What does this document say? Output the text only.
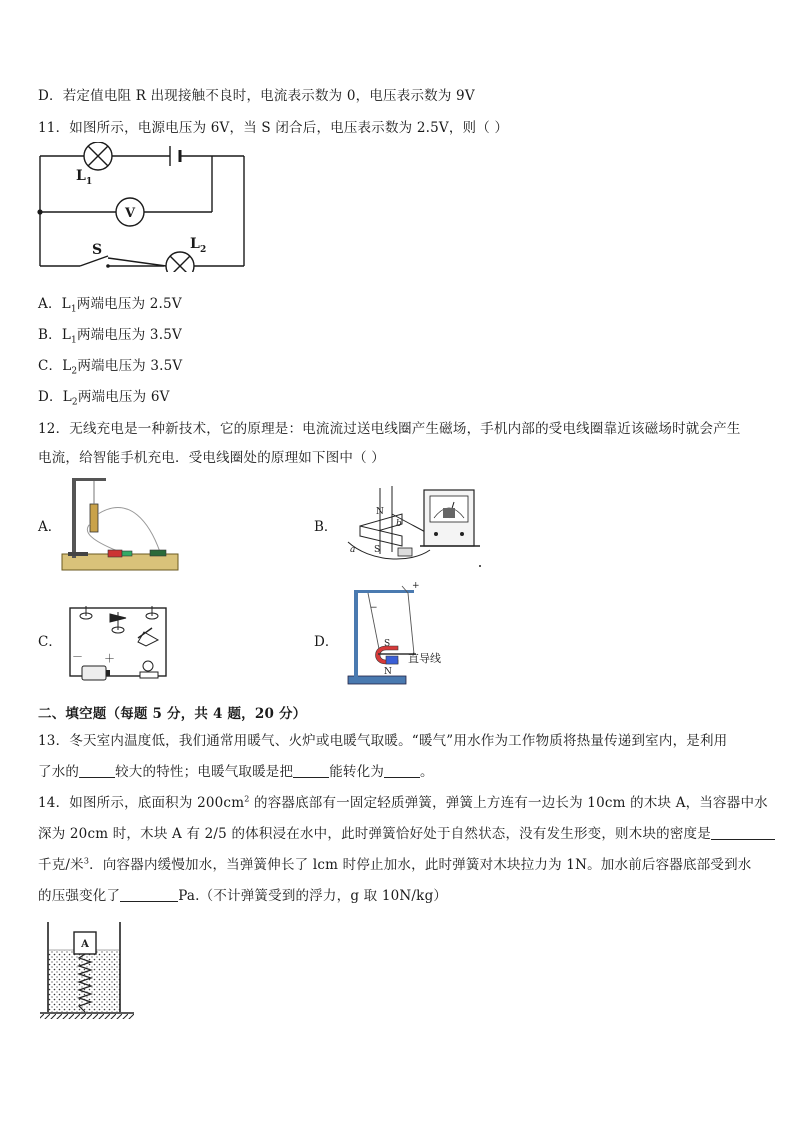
D．若定值电阻 R 出现接触不良时，电流表示数为 0，电压表示数为 9V
11．如图所示，电源电压为 6V，当 S 闭合后，电压表示数为 2.5V，则（ ）
V
L 1
S	L 2
A．$L_1$两端电压为 2.5V
B．$L_1$两端电压为 3.5V
C．$L_2$两端电压为 3.5V
D．$L_2$两端电压为 6V
12．无线充电是一种新技术，它的原理是：电流流过送电线圈产生磁场，手机内部的受电线圈靠近该磁场时就会产生
电流，给智能手机充电．受电线圈处的原理如下图中（ ）
A．	B．
C．	D．
N
b
a S
－ ＋
+
−
S
N
直导线
二、填空题（每题 5 分，共 4 题，20 分）
13．冬天室内温度低，我们通常用暖气、火炉或电暖气取暖。“暖气”用水作为工作物质将热量传递到室内，是利用
了水的	较大的特性；电暖气取暖是把	能转化为	。
14．如图所示，底面积为 $200cm^2$ 的容器底部有一固定轻质弹簧，弹簧上方连有一边长为 10cm 的木块 A，当容器中水
深为 20cm 时，木块 A 有 2/5 的体积浸在水中，此时弹簧恰好处于自然状态，没有发生形变，则木块的密度是
千克/米$^3$．向容器内缓慢加水，当弹簧伸长了 lcm 时停止加水，此时弹簧对木块拉力为 1N。加水前后容器底部受到水
的压强变化了	Pa.（不计弹簧受到的浮力，g 取 10N/kg）
A
